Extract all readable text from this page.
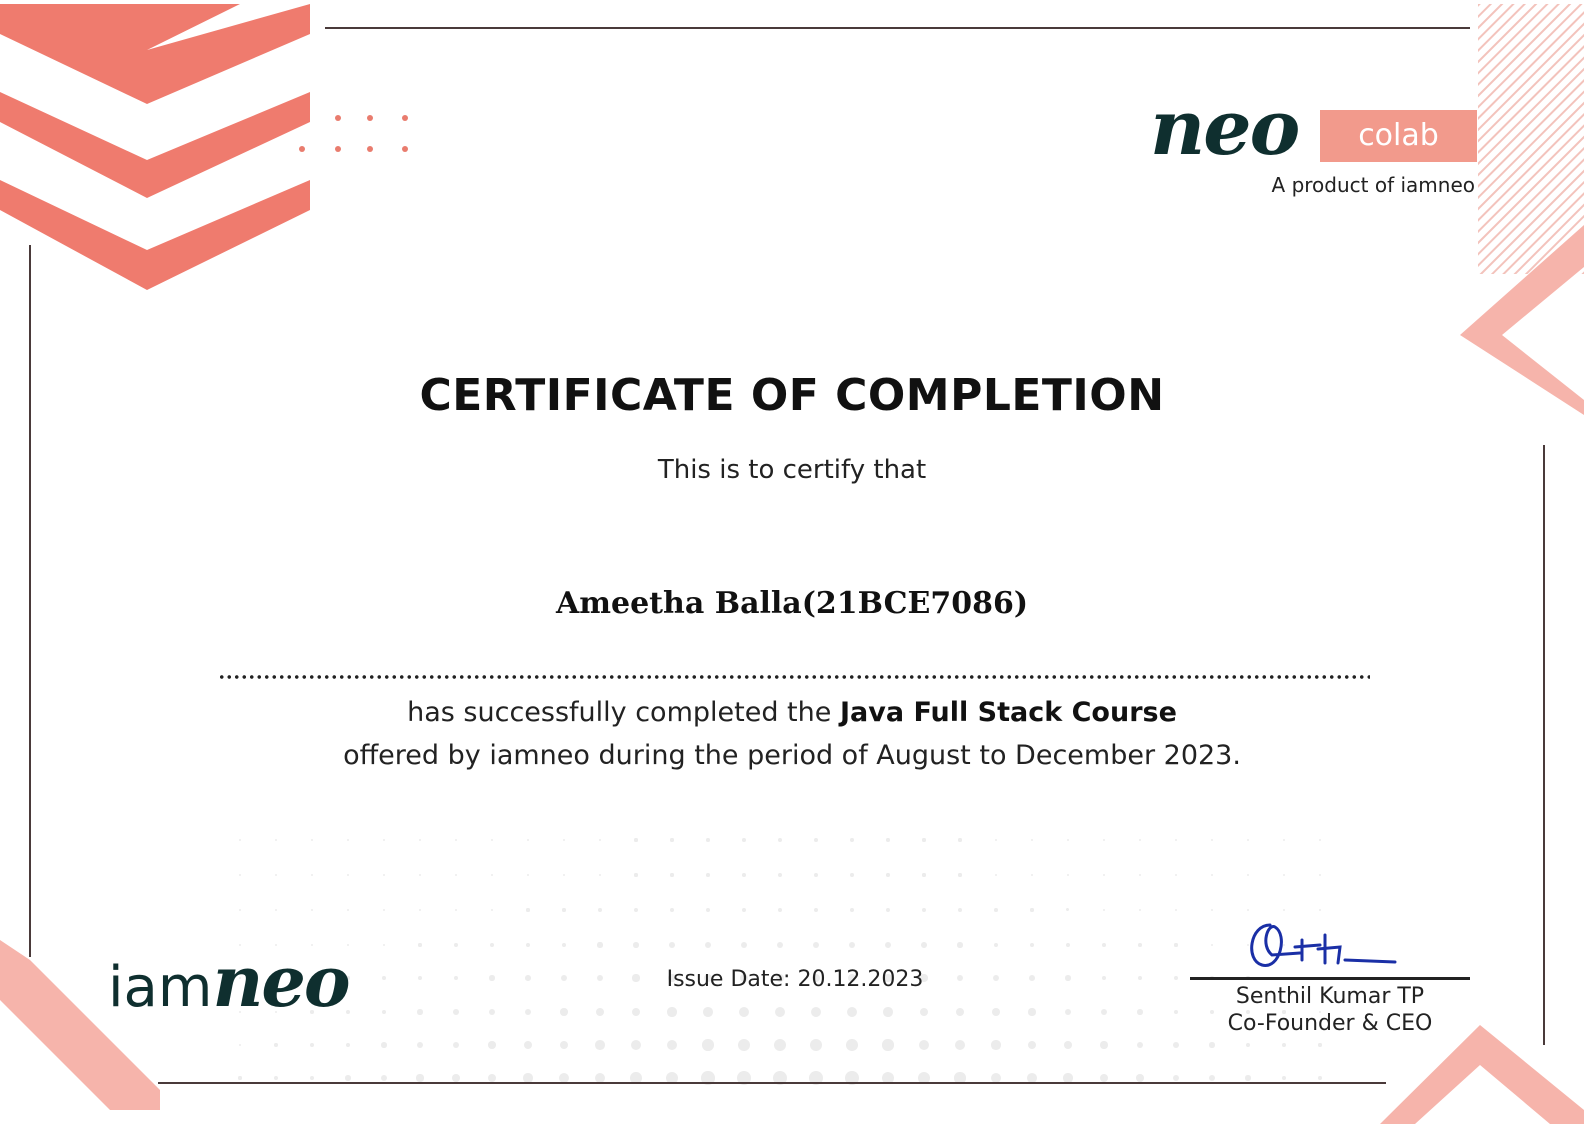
neo	colab
A product of iamneo
CERTIFICATE OF COMPLETION
This is to certify that
Ameetha Balla(21BCE7086)
has successfully completed the Java Full Stack Course
offered by iamneo during the period of August to December 2023.
iamneo	Issue Date: 20.12.2023
Senthil Kumar TP
Co-Founder & CEO
